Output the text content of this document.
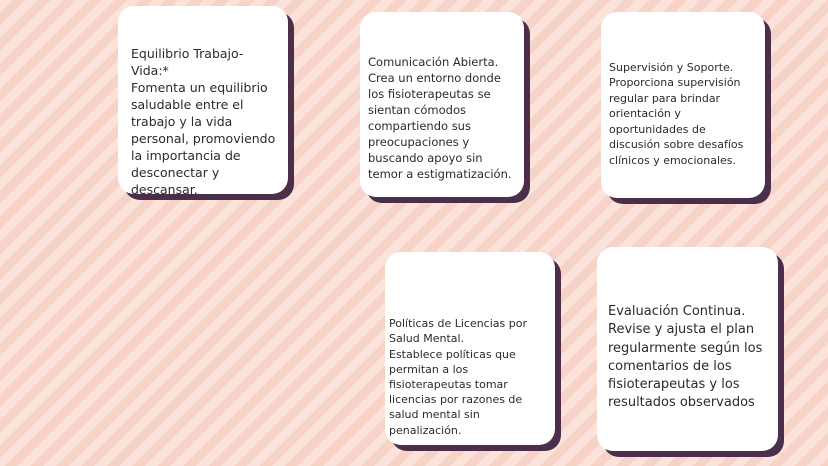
Equilibrio Trabajo- Vida:*
Fomenta un equilibrio saludable entre el trabajo y la vida personal, promoviendo la importancia de desconectar y descansar.

Comunicación Abierta.
Crea un entorno donde los fisioterapeutas se sientan cómodos compartiendo sus preocupaciones y buscando apoyo sin temor a estigmatización.

Supervisión y Soporte.
Proporciona supervisión regular para brindar orientación y oportunidades de discusión sobre desafíos clínicos y emocionales.

Políticas de Licencias por Salud Mental.
Establece políticas que permitan a los fisioterapeutas tomar licencias por razones de salud mental sin penalización.

Evaluación Continua.
Revise y ajusta el plan regularmente según los comentarios de los fisioterapeutas y los resultados observados
